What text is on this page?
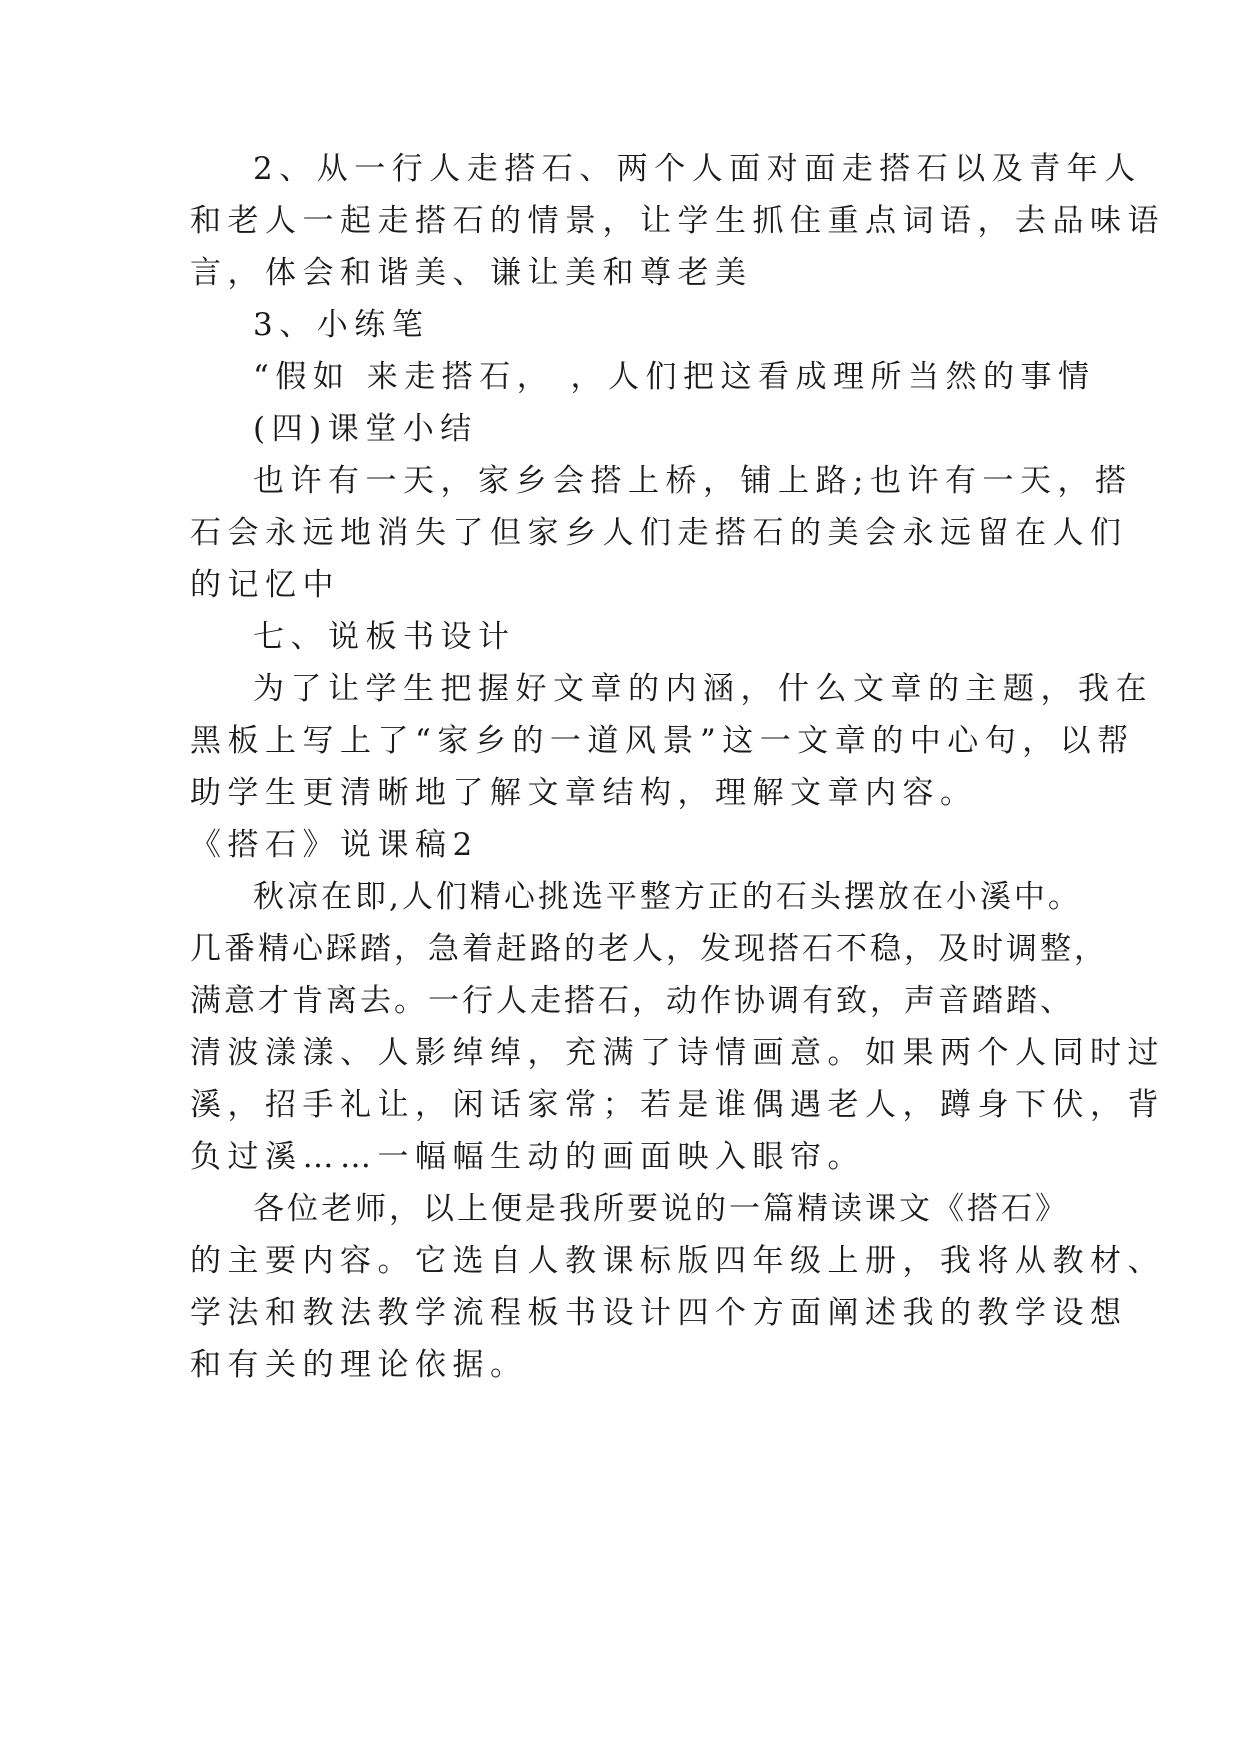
2、从一行人走搭石、两个人面对面走搭石以及青年人
和老人一起走搭石的情景，让学生抓住重点词语，去品味语
言，体会和谐美、谦让美和尊老美
3、小练笔
“假如 来走搭石， ，人们把这看成理所当然的事情
(四)课堂小结
也许有一天，家乡会搭上桥，铺上路;也许有一天，搭
石会永远地消失了但家乡人们走搭石的美会永远留在人们
的记忆中
七、说板书设计
为了让学生把握好文章的内涵，什么文章的主题，我在
黑板上写上了“家乡的一道风景”这一文章的中心句，以帮
助学生更清晰地了解文章结构，理解文章内容。
《搭石》说课稿2
秋凉在即,人们精心挑选平整方正的石头摆放在小溪中。
几番精心踩踏，急着赶路的老人，发现搭石不稳，及时调整，
满意才肯离去。一行人走搭石，动作协调有致，声音踏踏、
清波漾漾、人影绰绰，充满了诗情画意。如果两个人同时过
溪，招手礼让，闲话家常；若是谁偶遇老人，蹲身下伏，背
负过溪……一幅幅生动的画面映入眼帘。
各位老师，以上便是我所要说的一篇精读课文《搭石》
的主要内容。它选自人教课标版四年级上册，我将从教材、
学法和教法教学流程板书设计四个方面阐述我的教学设想
和有关的理论依据。
